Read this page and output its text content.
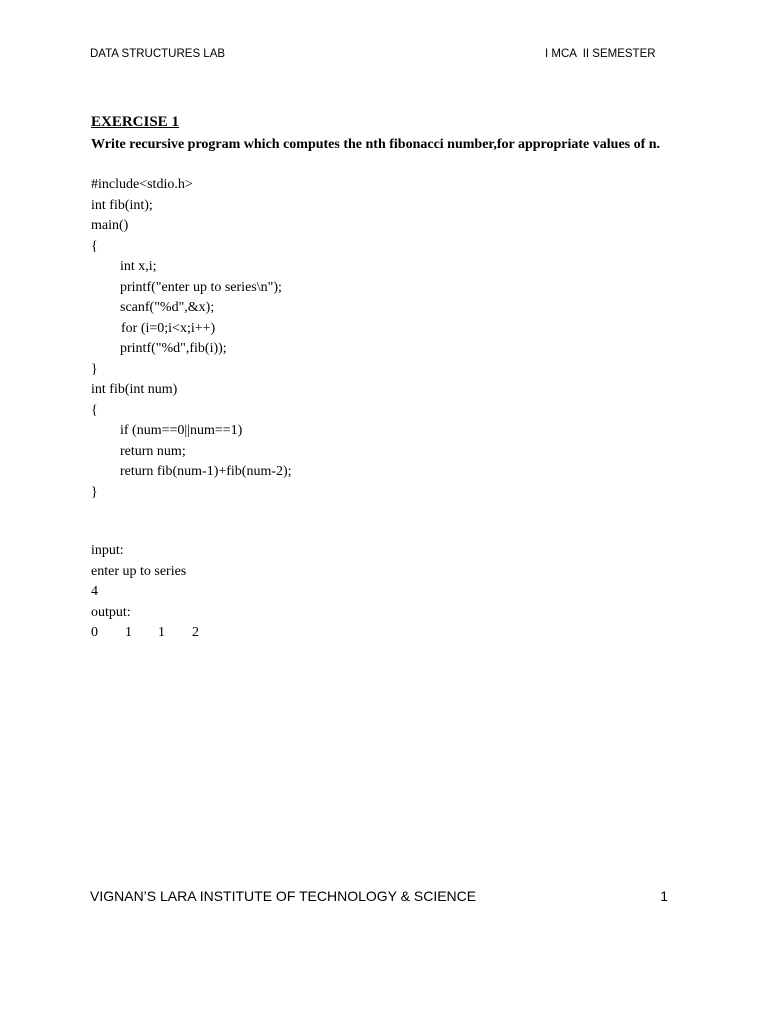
DATA STRUCTURES LAB	I MCA  II SEMESTER
EXERCISE 1
Write recursive program which computes the nth fibonacci number,for appropriate values of n.
#include<stdio.h>
int fib(int);
main()
{
int x,i;
printf("enter up to series\n");
scanf("%d",&x);
for (i=0;i<x;i++)
printf("%d",fib(i));
}
int fib(int num)
{
if (num==0||num==1)
return num;
return fib(num-1)+fib(num-2);
}
input:
enter up to series
4
output:
0 1 1 2
VIGNAN’S LARA INSTITUTE OF TECHNOLOGY & SCIENCE	1
